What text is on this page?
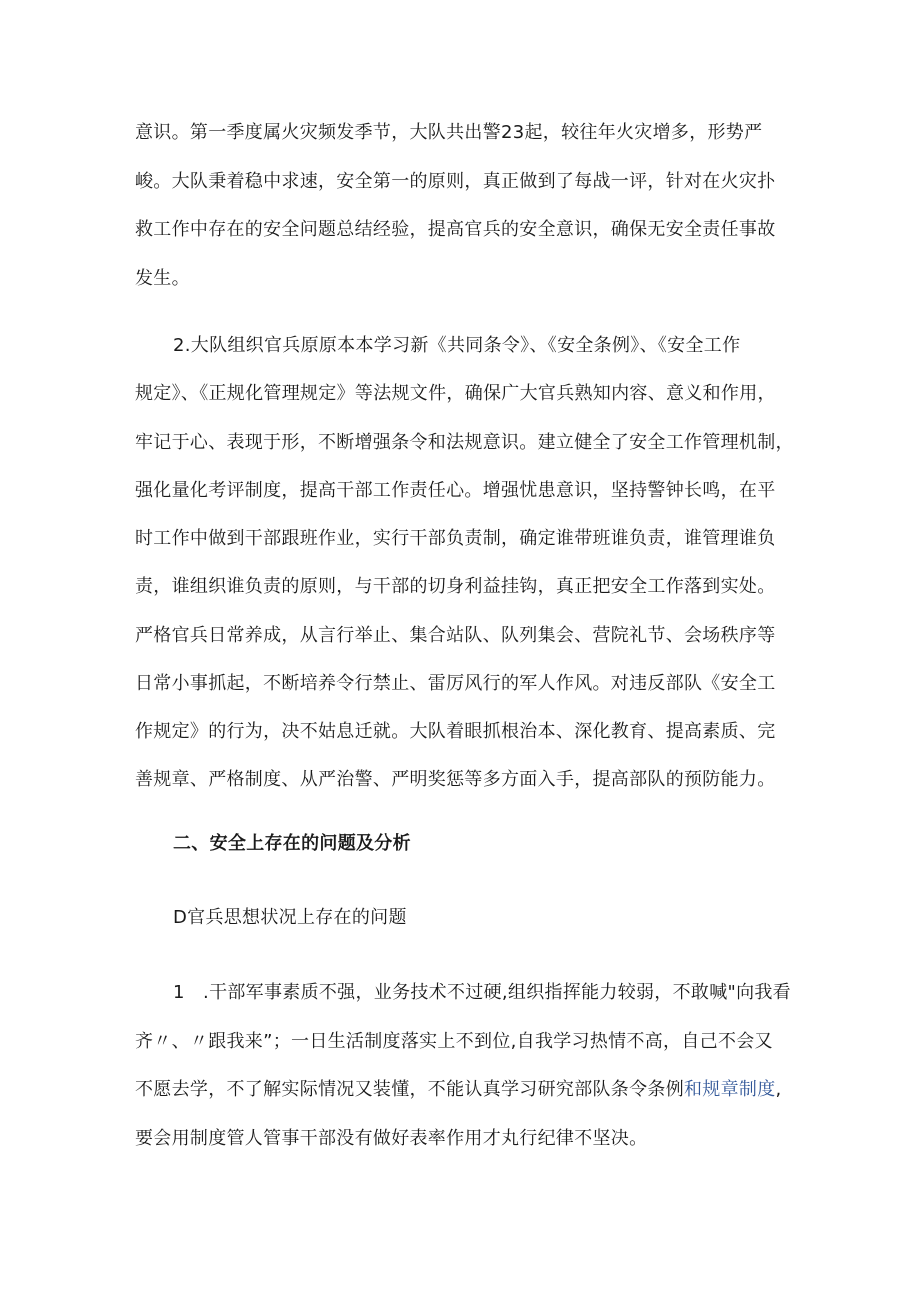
意识。第一季度属火灾频发季节，大队共出警23起，较往年火灾增多，形势严
峻。大队秉着稳中求速，安全第一的原则，真正做到了每战一评，针对在火灾扑
救工作中存在的安全问题总结经验，提高官兵的安全意识，确保无安全责任事故
发生。
2.大队组织官兵原原本本学习新《共同条令》、《安全条例》、《安全工作
规定》、《正规化管理规定》等法规文件，确保广大官兵熟知内容、意义和作用，
牢记于心、表现于形，不断增强条令和法规意识。建立健全了安全工作管理机制，
强化量化考评制度，提高干部工作责任心。增强忧患意识，坚持警钟长鸣，在平
时工作中做到干部跟班作业，实行干部负责制，确定谁带班谁负责，谁管理谁负
责，谁组织谁负责的原则，与干部的切身利益挂钩，真正把安全工作落到实处。
严格官兵日常养成，从言行举止、集合站队、队列集会、营院礼节、会场秩序等
日常小事抓起，不断培养令行禁止、雷厉风行的军人作风。对违反部队《安全工
作规定》的行为，决不姑息迁就。大队着眼抓根治本、深化教育、提高素质、完
善规章、严格制度、从严治警、严明奖惩等多方面入手，提高部队的预防能力。
二、安全上存在的问题及分析
D官兵思想状况上存在的问题
1　.干部军事素质不强，业务技术不过硬,组织指挥能力较弱，不敢喊"向我看
齐〃、〃跟我来”；一日生活制度落实上不到位,自我学习热情不高，自己不会又
不愿去学，不了解实际情况又装懂，不能认真学习研究部队条令条例和规章制度,
要会用制度管人管事干部没有做好表率作用才丸行纪律不坚决。
